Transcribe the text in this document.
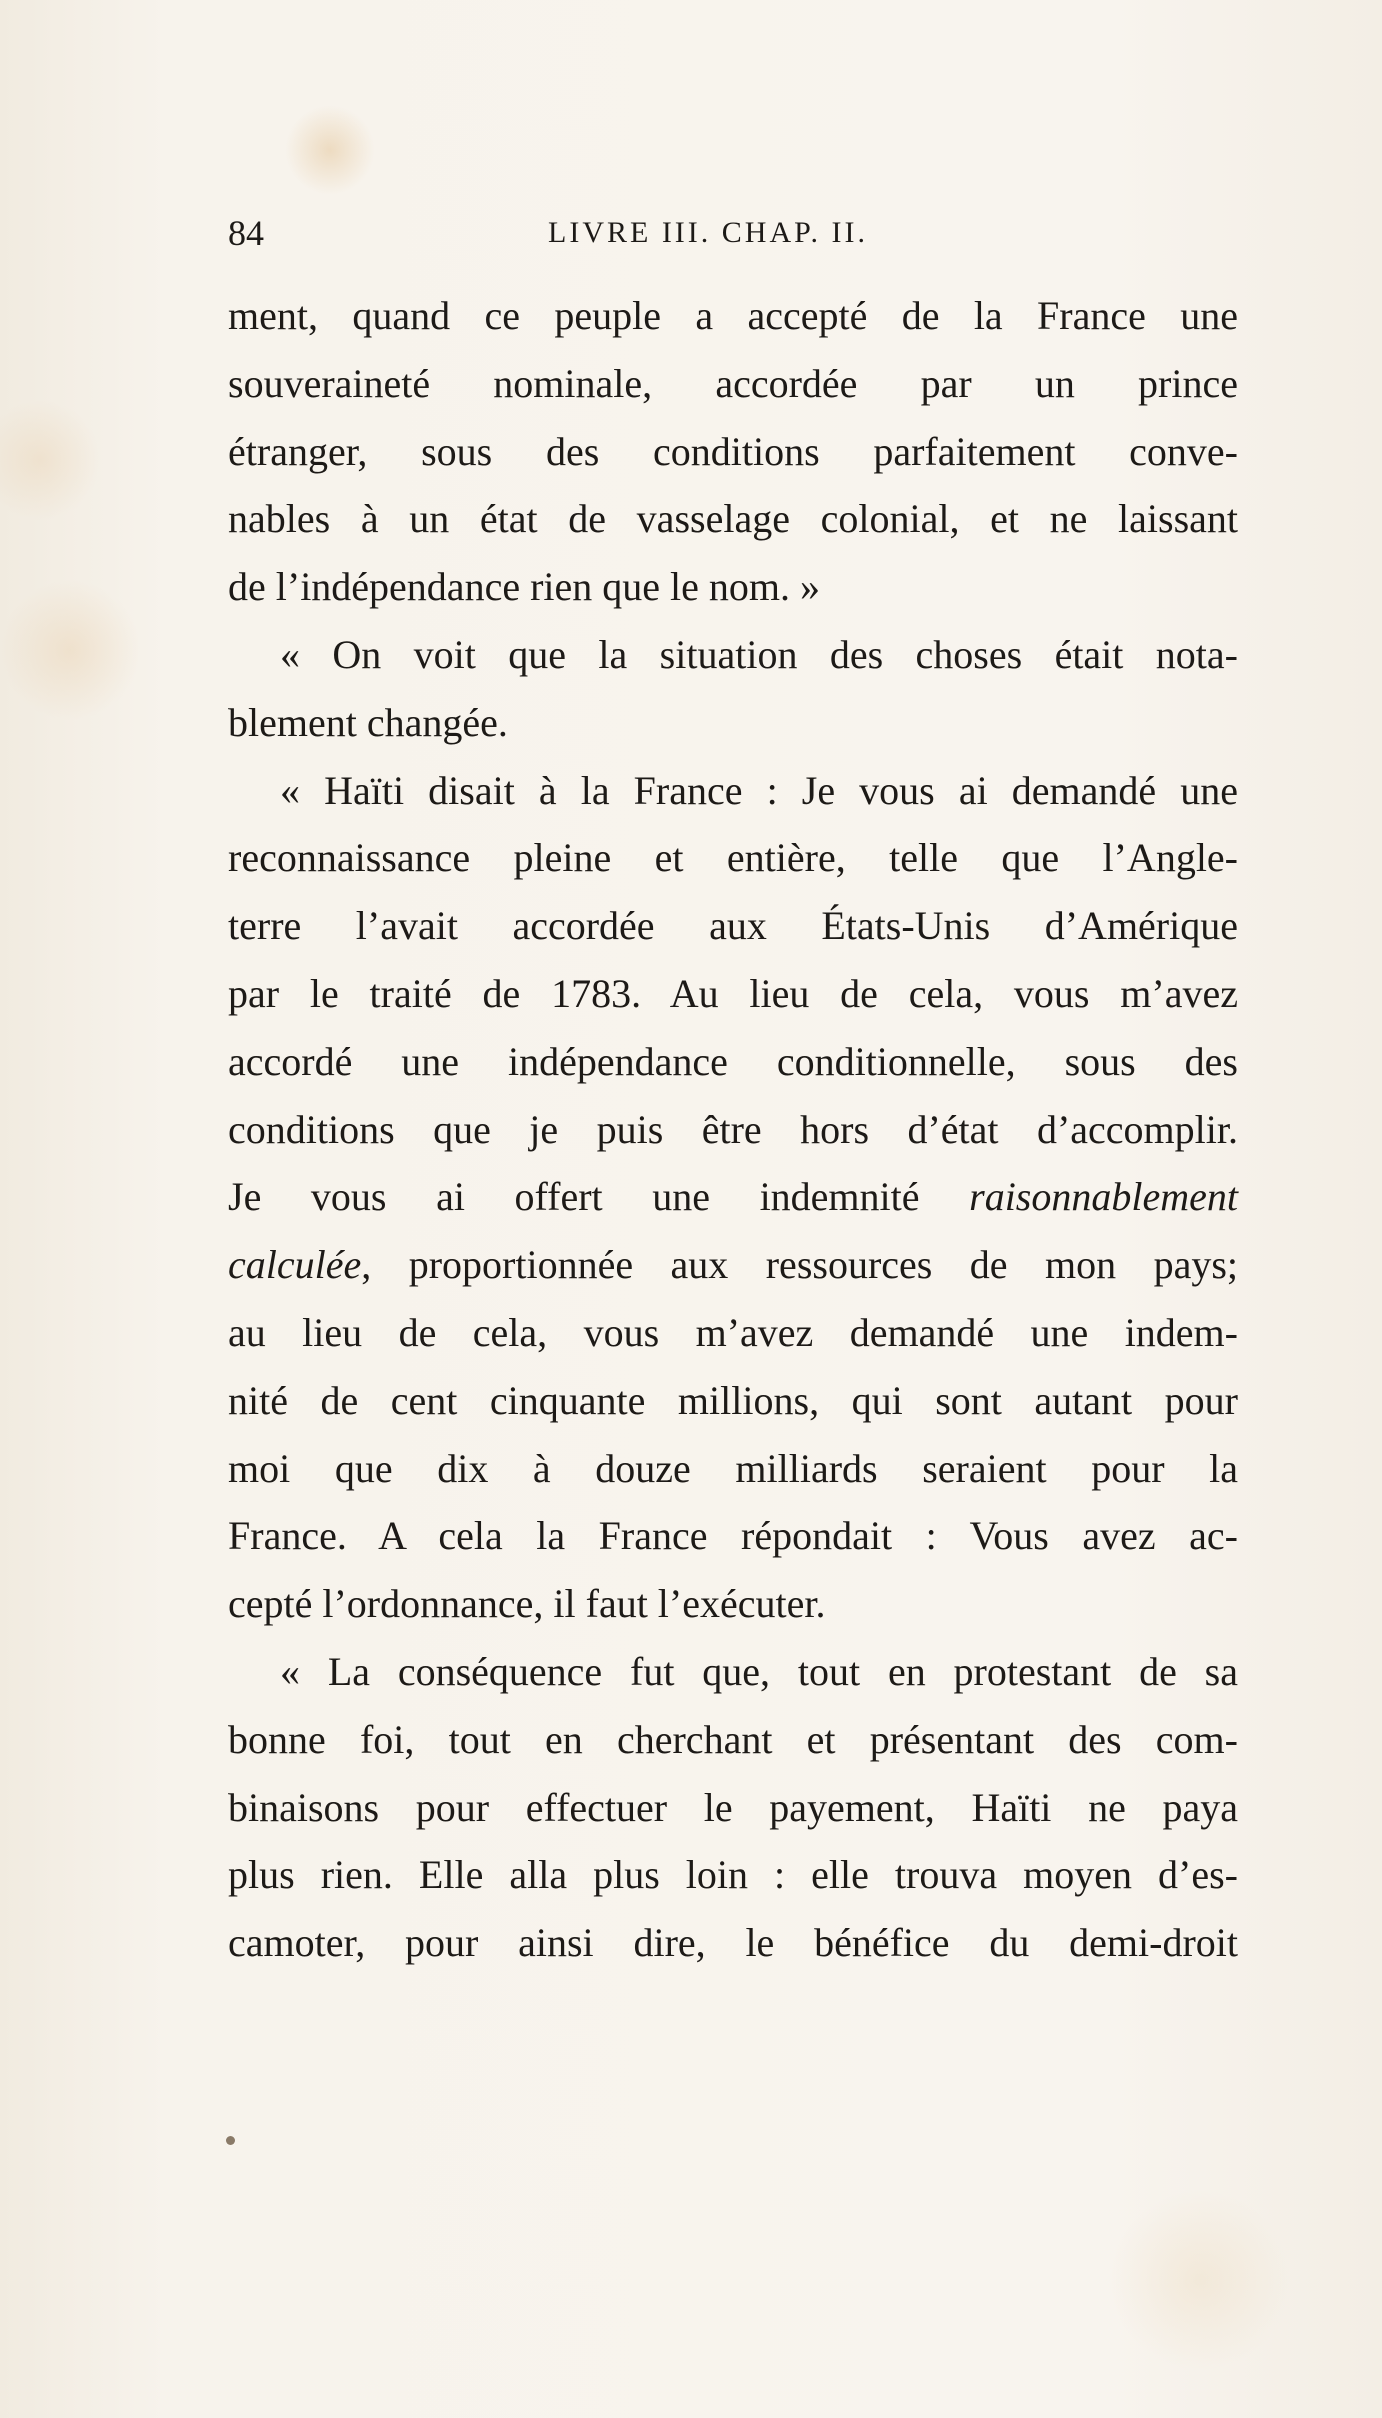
84	LIVRE III. CHAP. II.
ment, quand ce peuple a accepté de la France une
souveraineté nominale, accordée par un prince
étranger, sous des conditions parfaitement conve-
nables à un état de vasselage colonial, et ne laissant
de l’indépendance rien que le nom. »
« On voit que la situation des choses était nota-
blement changée.
« Haïti disait à la France : Je vous ai demandé une
reconnaissance pleine et entière, telle que l’Angle-
terre l’avait accordée aux États-Unis d’Amérique
par le traité de 1783. Au lieu de cela, vous m’avez
accordé une indépendance conditionnelle, sous des
conditions que je puis être hors d’état d’accomplir.
Je vous ai offert une indemnité raisonnablement
calculée, proportionnée aux ressources de mon pays;
au lieu de cela, vous m’avez demandé une indem-
nité de cent cinquante millions, qui sont autant pour
moi que dix à douze milliards seraient pour la
France. A cela la France répondait : Vous avez ac-
cepté l’ordonnance, il faut l’exécuter.
« La conséquence fut que, tout en protestant de sa
bonne foi, tout en cherchant et présentant des com-
binaisons pour effectuer le payement, Haïti ne paya
plus rien. Elle alla plus loin : elle trouva moyen d’es-
camoter, pour ainsi dire, le bénéfice du demi-droit
